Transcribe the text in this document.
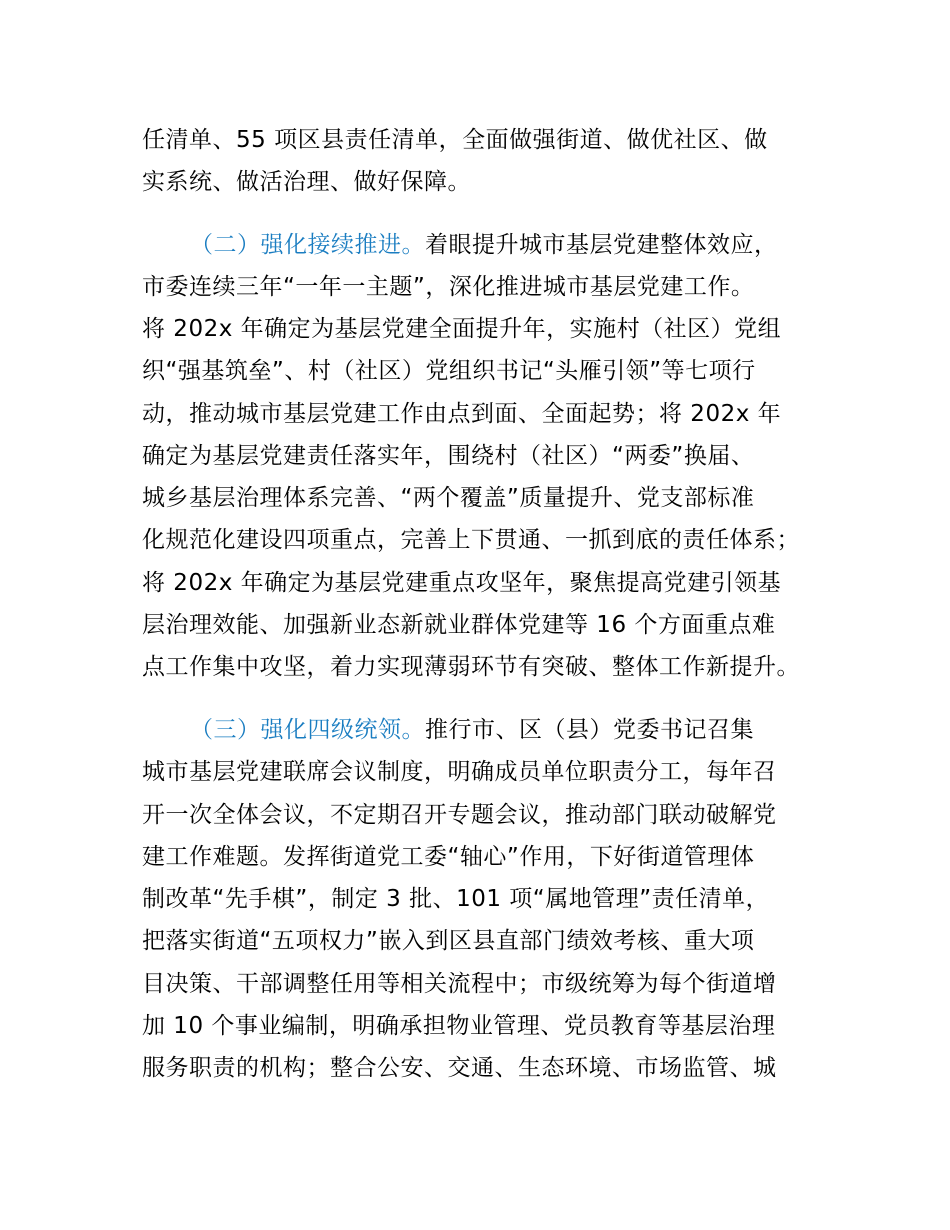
任清单、55 项区县责任清单，全面做强街道、做优社区、做
实系统、做活治理、做好保障。
（二）强化接续推进。着眼提升城市基层党建整体效应，
市委连续三年“一年一主题”，深化推进城市基层党建工作。
将 202x 年确定为基层党建全面提升年，实施村（社区）党组
织“强基筑垒”、村（社区）党组织书记“头雁引领”等七项行
动，推动城市基层党建工作由点到面、全面起势；将 202x 年
确定为基层党建责任落实年，围绕村（社区）“两委”换届、
城乡基层治理体系完善、“两个覆盖”质量提升、党支部标准
化规范化建设四项重点，完善上下贯通、一抓到底的责任体系；
将 202x 年确定为基层党建重点攻坚年，聚焦提高党建引领基
层治理效能、加强新业态新就业群体党建等 16 个方面重点难
点工作集中攻坚，着力实现薄弱环节有突破、整体工作新提升。
（三）强化四级统领。推行市、区（县）党委书记召集
城市基层党建联席会议制度，明确成员单位职责分工，每年召
开一次全体会议，不定期召开专题会议，推动部门联动破解党
建工作难题。发挥街道党工委“轴心”作用，下好街道管理体
制改革“先手棋”，制定 3 批、101 项“属地管理”责任清单，
把落实街道“五项权力”嵌入到区县直部门绩效考核、重大项
目决策、干部调整任用等相关流程中；市级统筹为每个街道增
加 10 个事业编制，明确承担物业管理、党员教育等基层治理
服务职责的机构；整合公安、交通、生态环境、市场监管、城
